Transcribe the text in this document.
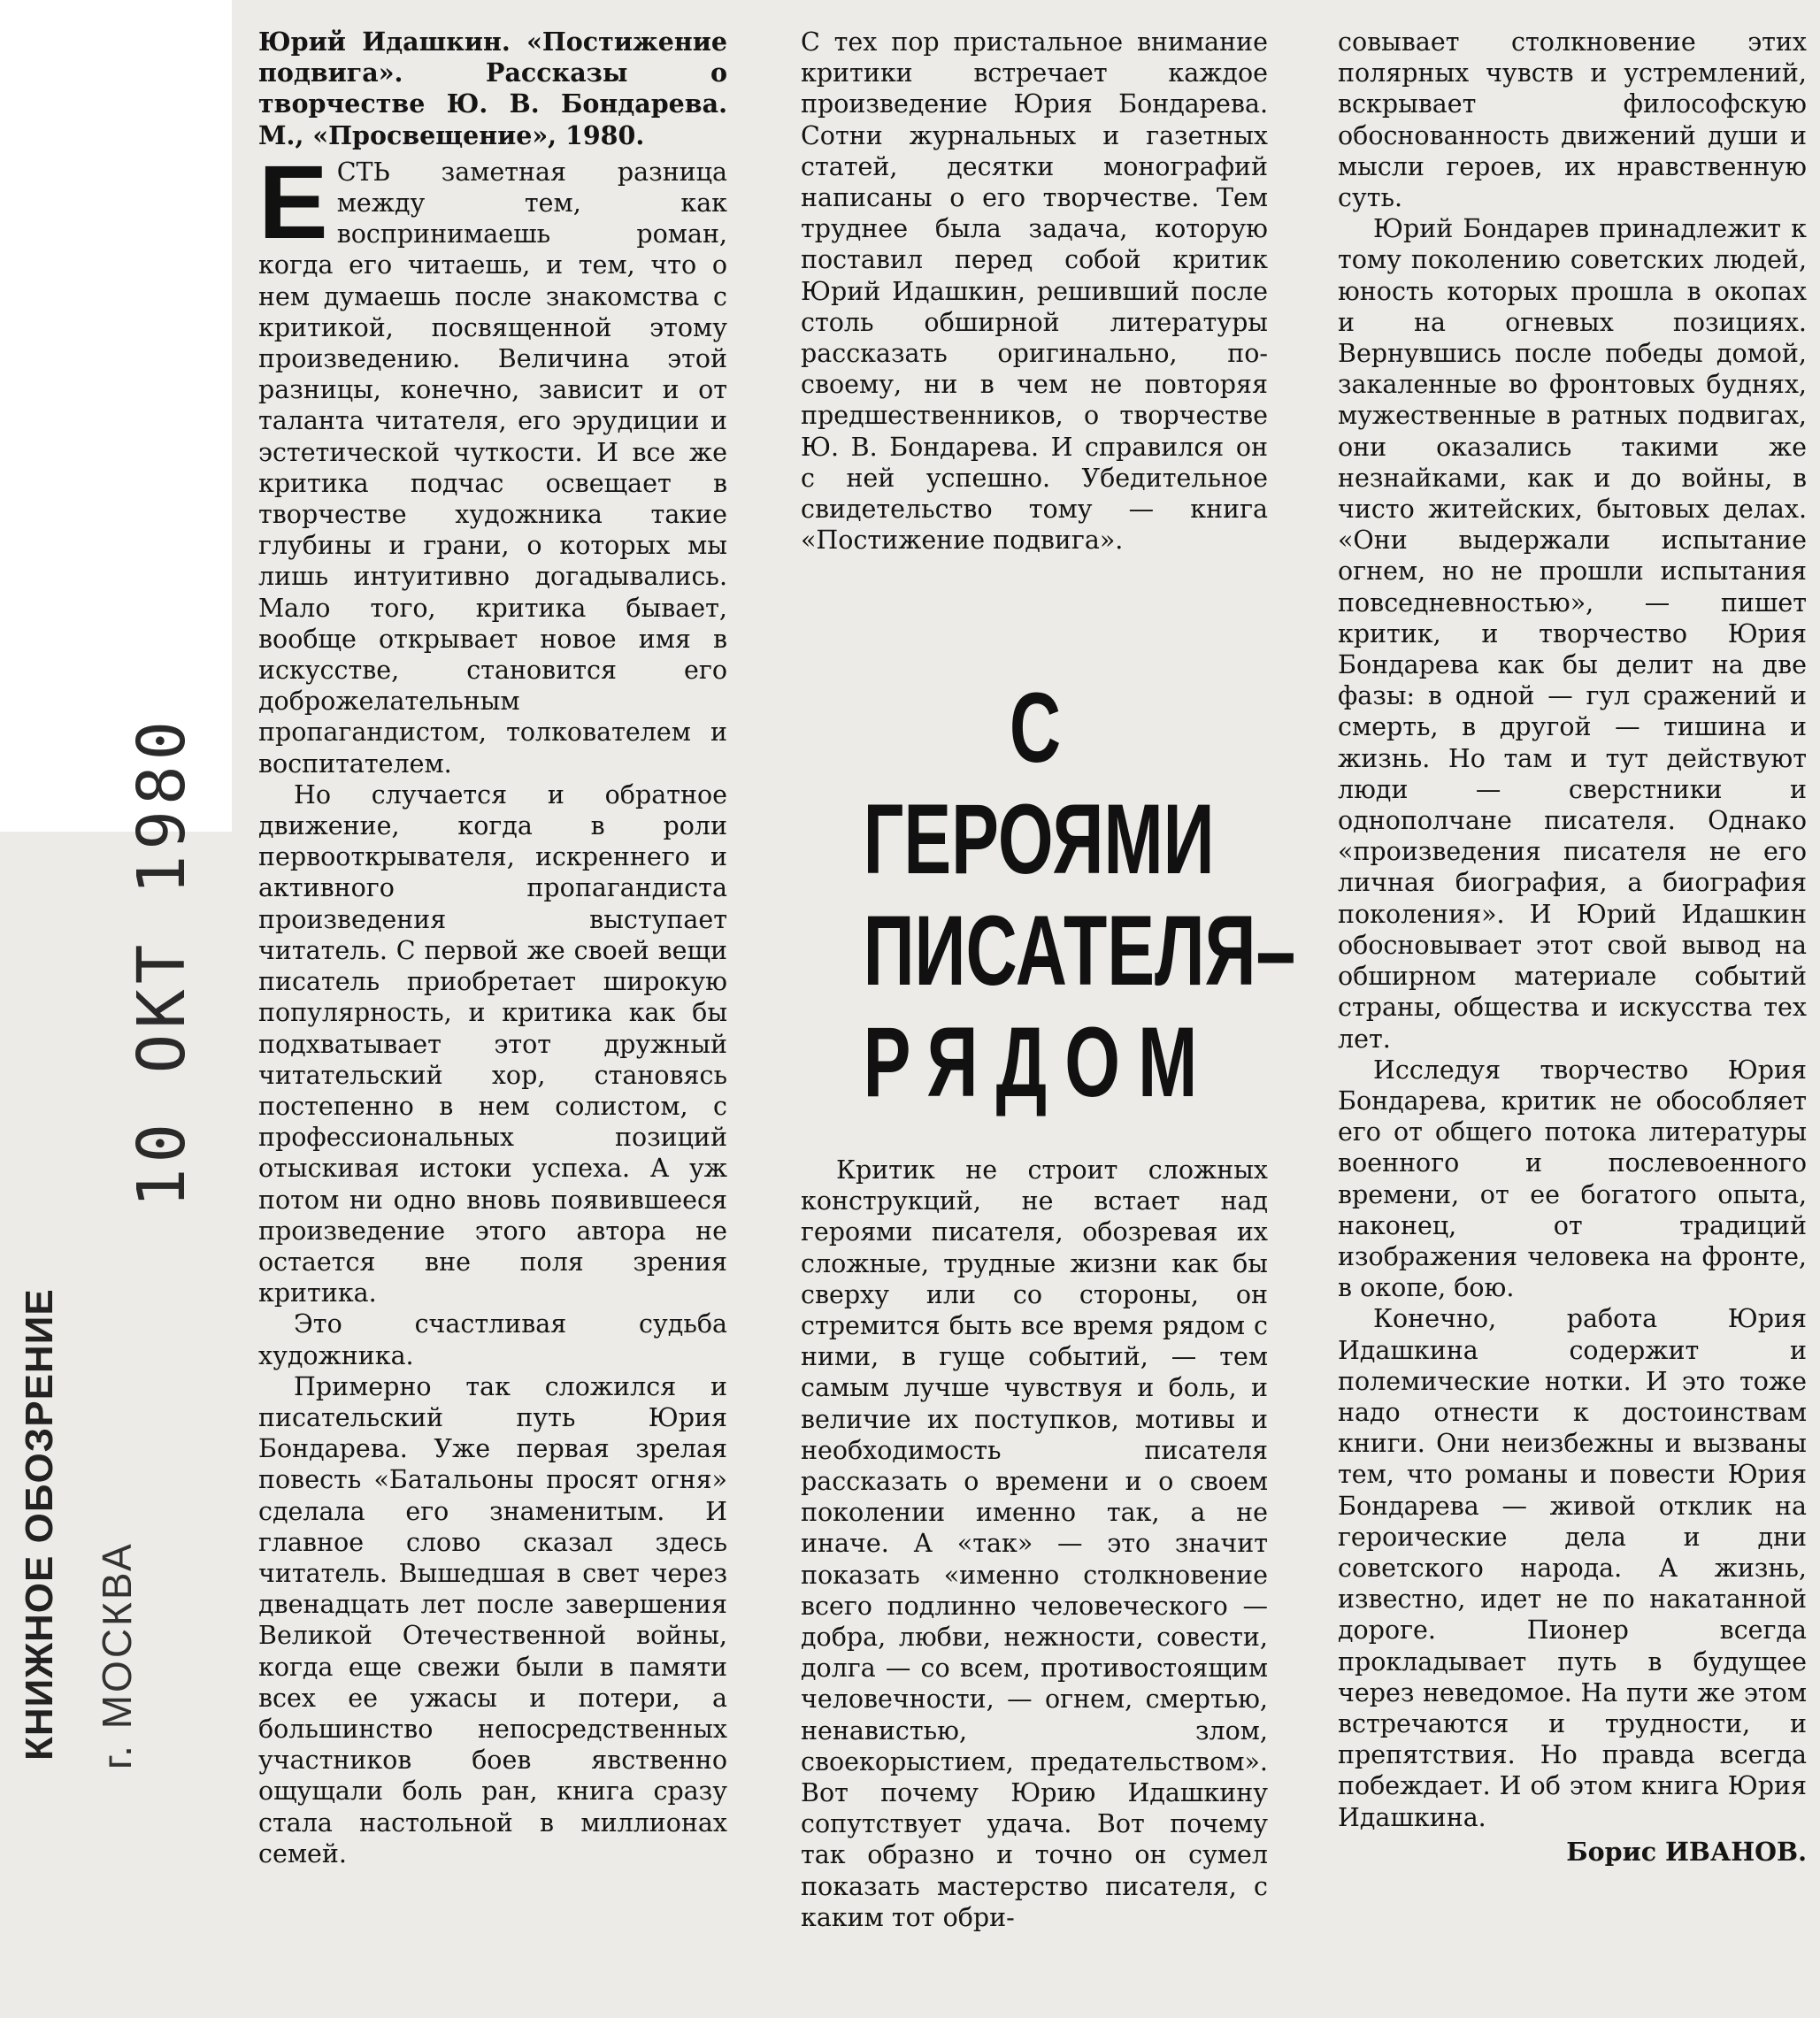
КНИЖНОЕ ОБОЗРЕНИЕ г. МОСКВА
10 ОКТ 1980

Юрий Идашкин. «Постижение подвига». Рассказы о творчестве Ю. В. Бондарева. М., «Просвещение», 1980.

ЕСТЬ заметная разница между тем, как воспринимаешь роман, когда его читаешь, и тем, что о нем думаешь после знакомства с критикой, посвященной этому произведению. Величина этой разницы, конечно, зависит и от таланта читателя, его эрудиции и эстетической чуткости. И все же критика подчас освещает в творчестве художника такие глубины и грани, о которых мы лишь интуитивно догадывались. Мало того, критика бывает, вообще открывает новое имя в искусстве, становится его доброжелательным пропагандистом, толкователем и воспитателем.

Но случается и обратное движение, когда в роли первооткрывателя, искреннего и активного пропагандиста произведения выступает читатель. С первой же своей вещи писатель приобретает широкую популярность, и критика как бы подхватывает этот дружный читательский хор, становясь постепенно в нем солистом, с профессиональных позиций отыскивая истоки успеха. А уж потом ни одно вновь появившееся произведение этого автора не остается вне поля зрения критика.

Это счастливая судьба художника.

Примерно так сложился и писательский путь Юрия Бондарева. Уже первая зрелая повесть «Батальоны просят огня» сделала его знаменитым. И главное слово сказал здесь читатель. Вышедшая в свет через двенадцать лет после завершения Великой Отечественной войны, когда еще свежи были в памяти всех ее ужасы и потери, а большинство непосредственных участников боев явственно ощущали боль ран, книга сразу стала настольной в миллионах семей.

С тех пор пристальное внимание критики встречает каждое произведение Юрия Бондарева. Сотни журнальных и газетных статей, десятки монографий написаны о его творчестве. Тем труднее была задача, которую поставил перед собой критик Юрий Идашкин, решивший после столь обширной литературы рассказать оригинально, по-своему, ни в чем не повторяя предшественников, о творчестве Ю. В. Бондарева. И справился он с ней успешно. Убедительное свидетельство тому — книга «Постижение подвига».

С ГЕРОЯМИ
ПИСАТЕЛЯ–
РЯДОМ

Критик не строит сложных конструкций, не встает над героями писателя, обозревая их сложные, трудные жизни как бы сверху или со стороны, он стремится быть все время рядом с ними, в гуще событий, — тем самым лучше чувствуя и боль, и величие их поступков, мотивы и необходимость писателя рассказать о времени и о своем поколении именно так, а не иначе. А «так» — это значит показать «именно столкновение всего подлинно человеческого — добра, любви, нежности, совести, долга — со всем, противостоящим человечности, — огнем, смертью, ненавистью, злом, своекорыстием, предательством». Вот почему Юрию Идашкину сопутствует удача. Вот почему так образно и точно он сумел показать мастерство писателя, с каким тот обри-

совывает столкновение этих полярных чувств и устремлений, вскрывает философскую обоснованность движений души и мысли героев, их нравственную суть.

Юрий Бондарев принадлежит к тому поколению советских людей, юность которых прошла в окопах и на огневых позициях. Вернувшись после победы домой, закаленные во фронтовых буднях, мужественные в ратных подвигах, они оказались такими же незнайками, как и до войны, в чисто житейских, бытовых делах. «Они выдержали испытание огнем, но не прошли испытания повседневностью», — пишет критик, и творчество Юрия Бондарева как бы делит на две фазы: в одной — гул сражений и смерть, в другой — тишина и жизнь. Но там и тут действуют люди — сверстники и однополчане писателя. Однако «произведения писателя не его личная биография, а биография поколения». И Юрий Идашкин обосновывает этот свой вывод на обширном материале событий страны, общества и искусства тех лет.

Исследуя творчество Юрия Бондарева, критик не обособляет его от общего потока литературы военного и послевоенного времени, от ее богатого опыта, наконец, от традиций изображения человека на фронте, в окопе, бою.

Конечно, работа Юрия Идашкина содержит и полемические нотки. И это тоже надо отнести к достоинствам книги. Они неизбежны и вызваны тем, что романы и повести Юрия Бондарева — живой отклик на героические дела и дни советского народа. А жизнь, известно, идет не по накатанной дороге. Пионер всегда прокладывает путь в будущее через неведомое. На пути же этом встречаются и трудности, и препятствия. Но правда всегда побеждает. И об этом книга Юрия Идашкина.

Борис ИВАНОВ.
